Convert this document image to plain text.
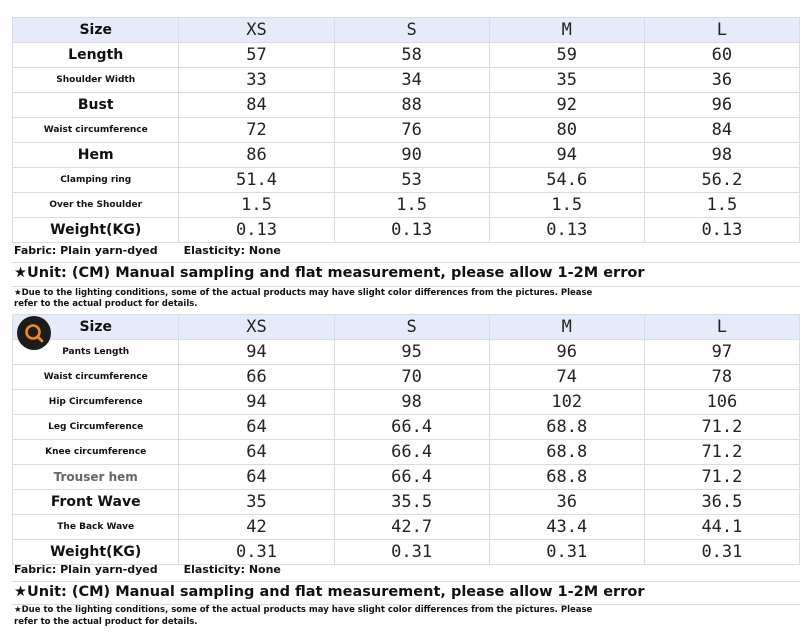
Size	XS	S	M	L
Length	57	58	59	60
Shoulder Width	33	34	35	36
Bust	84	88	92	96
Waist circumference	72	76	80	84
Hem	86	90	94	98
Clamping ring	51.4	53	54.6	56.2
Over the Shoulder	1.5	1.5	1.5	1.5
Weight(KG)	0.13	0.13	0.13	0.13
Fabric: Plain yarn-dyed Elasticity: None
★Unit: (CM) Manual sampling and flat measurement, please allow 1-2M error
★Due to the lighting conditions, some of the actual products may have slight color differences from the pictures. Please
refer to the actual product for details.
Size	XS	S	M	L
Pants Length	94	95	96	97
Waist circumference	66	70	74	78
Hip Circumference	94	98	102	106
Leg Circumference	64	66.4	68.8	71.2
Knee circumference	64	66.4	68.8	71.2
Trouser hem	64	66.4	68.8	71.2
Front Wave	35	35.5	36	36.5
The Back Wave	42	42.7	43.4	44.1
Weight(KG)	0.31	0.31	0.31	0.31
Fabric: Plain yarn-dyed Elasticity: None
★Unit: (CM) Manual sampling and flat measurement, please allow 1-2M error
★Due to the lighting conditions, some of the actual products may have slight color differences from the pictures. Please
refer to the actual product for details.
